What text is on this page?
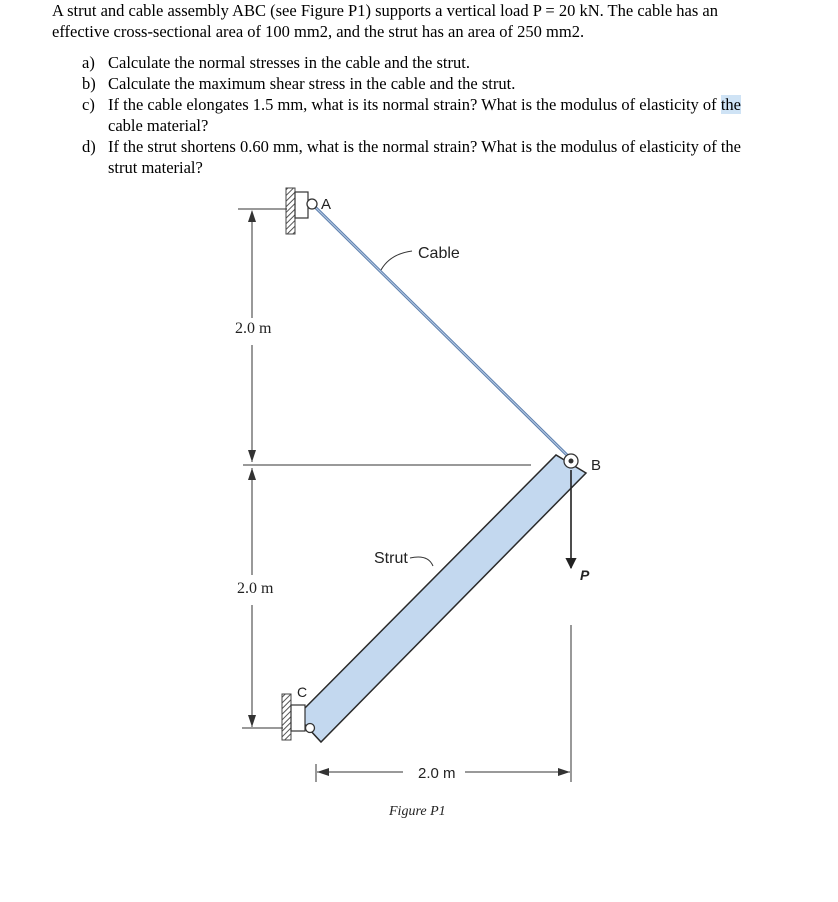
A strut and cable assembly ABC (see Figure P1) supports a vertical load P = 20 kN. The cable has an
effective cross-sectional area of 100 mm2, and the strut has an area of 250 mm2.
a) Calculate the normal stresses in the cable and the strut.
b) Calculate the maximum shear stress in the cable and the strut.
c) If the cable elongates 1.5 mm, what is its normal strain? What is the modulus of elasticity of the
cable material?
d) If the strut shortens 0.60 mm, what is the normal strain? What is the modulus of elasticity of the
strut material?
A
B
C
2.0 m
2.0 m
P
Cable
Strut
2.0 m
Figure P1
